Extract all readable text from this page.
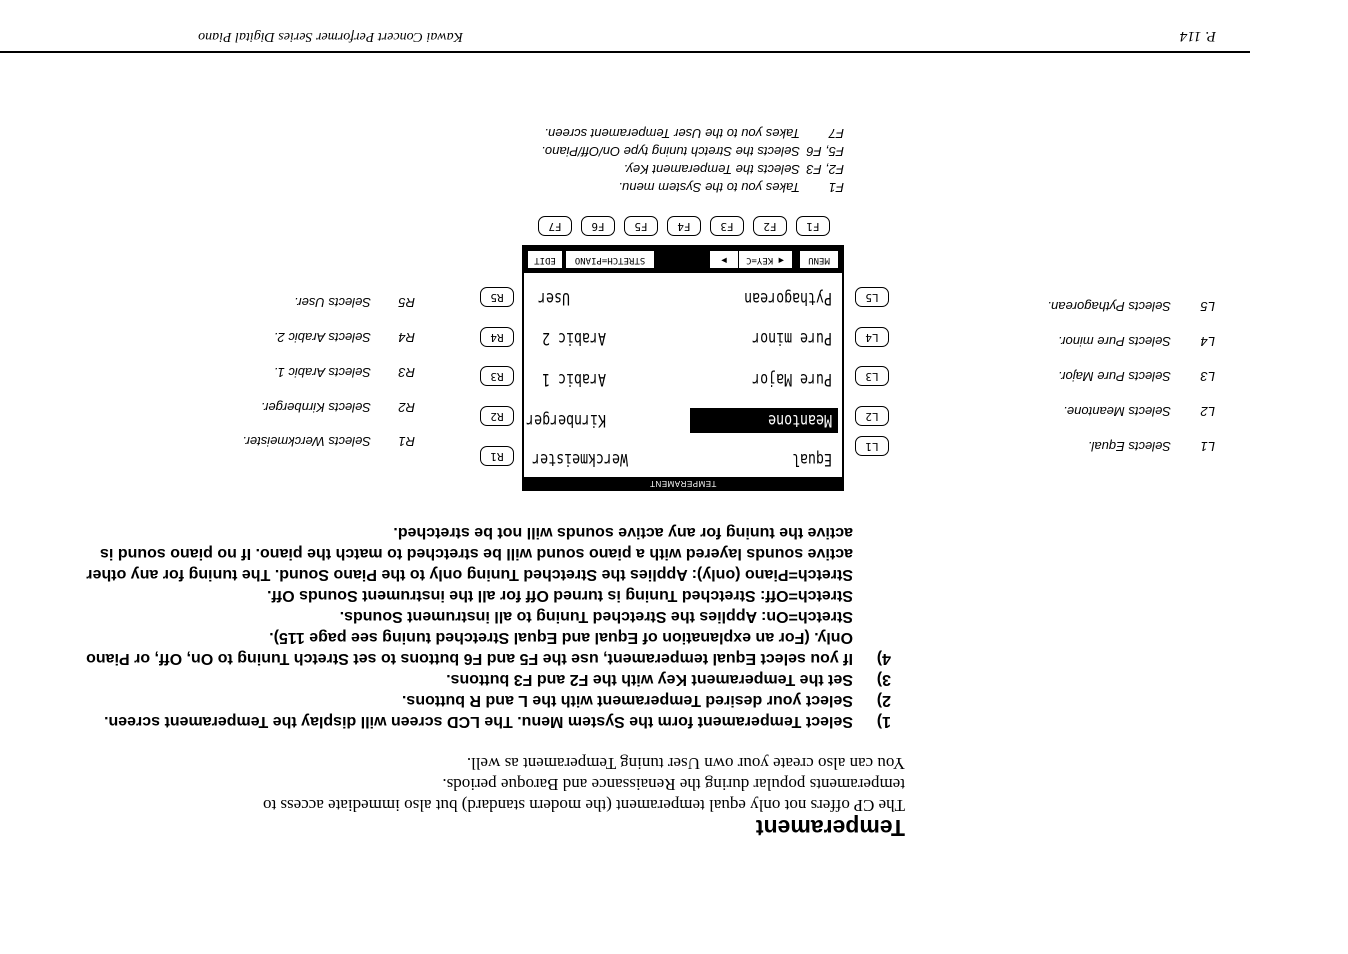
P. 114
Kawai Concert Performer Series Digital Piano
Temperament
The CP offers not only equal temperament (the modern standard) but also immediate access to
temperaments popular during the Renaissance and Baroque periods.
You can also create your own User tuning Temperament as well.
1)Select Temperament form the System Menu. The LCD screen will display the Temperament screen.
2)Select your desired Temperament with the L and R buttons.
3)Set the Temperament Key with the F2 and F3 buttons.
4)If you select Equal temperament, use the F5 and F6 buttons to set Stretch Tuning to On, Off, or Piano
Only. (For an explanation of Equal and Equal Stretched tuning see page 115).
Stretch=On: Applies the Stretched Tuning to all instrument Sounds.
Stretch=Off: Stretched Tuning is turned Off for all the instrument Sounds Off.
Stretch=Piano (only): Applies the Stretched Tuning only to the Piano Sound. The tuning for any other
active sounds layered with a piano sound will be stretched to match the piano. If no piano sound is
active the tuning for any active sounds will not be stretched.
L1Selects Equal.
L2Selects Meantone.
L3Selects Pure Major.
L4Selects Pure minor.
L5Selects Pythagorean.
L1
L2
L3
L4
L5
TEMPERAMENT
Equal
Meantone
Pure Major
Pure minor
Pythagorean
Werckmeister
Kirnberger
Arabic 1
Arabic 2
User
MENU
◀ KEY=C
▶
STRETCH=PIANO
EDIT
R1
R2
R3
R4
R5
R1Selects Werckmeister.
R2Selects Kirnberger.
R3Selects Arabic 1.
R4Selects Arabic 2.
R5Selects User.
F1
F2
F3
F4
F5
F6
F7
F1Takes you to the System menu.
F2, F3Selects the Temperament Key.
F5, F6Selects the Stretch tuning type On/Off/Piano.
F7Takes you to the User Temperament screen.
